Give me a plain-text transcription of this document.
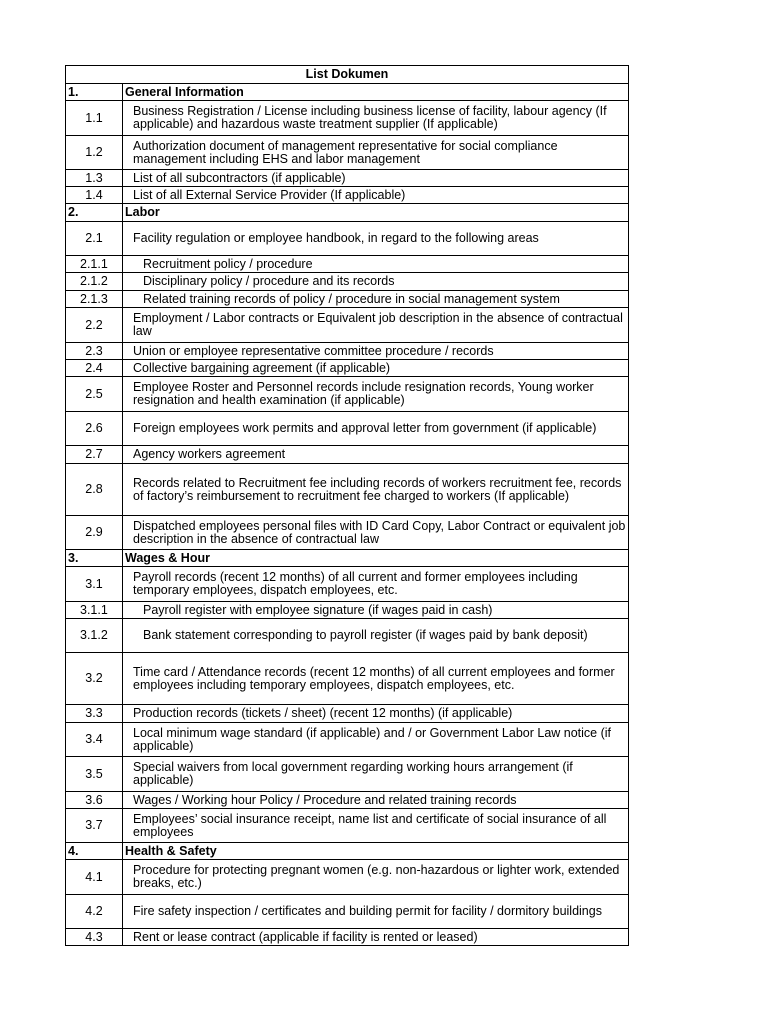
List Dokumen	
1.	General Information
1.1	Business Registration / License including business license of facility, labour agency (If applicable) and hazardous waste treatment supplier (If applicable)
1.2	Authorization document of management representative for social compliance management including EHS and labor management
1.3	List of all subcontractors (if applicable)
1.4	List of all External Service Provider (If applicable)
2.	Labor
2.1	Facility regulation or employee handbook, in regard to the following areas
2.1.1	Recruitment policy / procedure
2.1.2	Disciplinary policy / procedure and its records
2.1.3	Related training records of policy / procedure in social management system
2.2	Employment / Labor contracts or Equivalent job description in the absence of contractual law
2.3	Union or employee representative committee procedure / records
2.4	Collective bargaining agreement (if applicable)
2.5	Employee Roster and Personnel records include resignation records, Young worker resignation and health examination (if applicable)
2.6	Foreign employees work permits and approval letter from government (if applicable)
2.7	Agency workers agreement
2.8	Records related to Recruitment fee including records of workers recruitment fee, records of factory’s reimbursement to recruitment fee charged to workers (If applicable)
2.9	Dispatched employees personal files with ID Card Copy, Labor Contract or equivalent job description in the absence of contractual law
3.	Wages & Hour
3.1	Payroll records (recent 12 months) of all current and former employees including temporary employees, dispatch employees, etc.
3.1.1	Payroll register with employee signature (if wages paid in cash)
3.1.2	Bank statement corresponding to payroll register (if wages paid by bank deposit)
3.2	Time card / Attendance records (recent 12 months) of all current employees and former employees including temporary employees, dispatch employees, etc.
3.3	Production records (tickets / sheet) (recent 12 months) (if applicable)
3.4	Local minimum wage standard (if applicable) and / or Government Labor Law notice (if applicable)
3.5	Special waivers from local government regarding working hours arrangement (if applicable)
3.6	Wages / Working hour Policy / Procedure and related training records
3.7	Employees’ social insurance receipt, name list and certificate of social insurance of all employees
4.	Health & Safety
4.1	Procedure for protecting pregnant women (e.g. non-hazardous or lighter work, extended breaks, etc.)
4.2	Fire safety inspection / certificates and building permit for facility / dormitory buildings
4.3	Rent or lease contract (applicable if facility is rented or leased)
